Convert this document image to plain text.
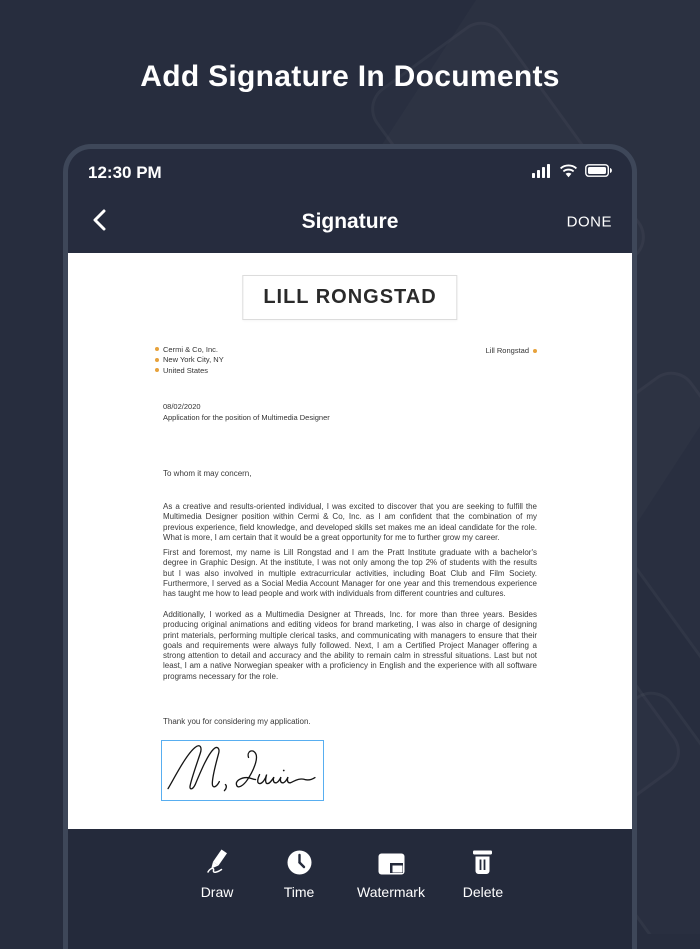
Add Signature In Documents
12:30 PM
Signature	DONE
LILL RONGSTAD
Cermi & Co, Inc.
New York City, NY
United States
Lill Rongstad
08/02/2020
Application for the position of Multimedia Designer
To whom it may concern,
As a creative and results-oriented individual, I was excited to discover that you are seeking to fulfill the Multimedia Designer position within Cermi & Co, Inc. as I am confident that the combination of my previous experience, field knowledge, and developed skills set makes me an ideal candidate for the role. What is more, I am certain that it would be a great opportunity for me to further grow my career.
First and foremost, my name is Lill Rongstad and I am the Pratt Institute graduate with a bachelor's degree in Graphic Design. At the institute, I was not only among the top 2% of students with the results but I was also involved in multiple extracurricular activities, including Boat Club and Film Society. Furthermore, I served as a Social Media Account Manager for one year and this tremendous experience has taught me how to lead people and work with individuals from different countries and cultures.
Additionally, I worked as a Multimedia Designer at Threads, Inc. for more than three years. Besides producing original animations and editing videos for brand marketing, I was also in charge of designing print materials, performing multiple clerical tasks, and communicating with managers to ensure that their goals and requirements were always fully followed. Next, I am a Certified Project Manager offering a strong attention to detail and accuracy and the ability to remain calm in stressful situations. Last but not least, I am a native Norwegian speaker with a proficiency in English and the experience with all software programs necessary for the role.
Thank you for considering my application.
Draw	Time	Watermark	Delete
